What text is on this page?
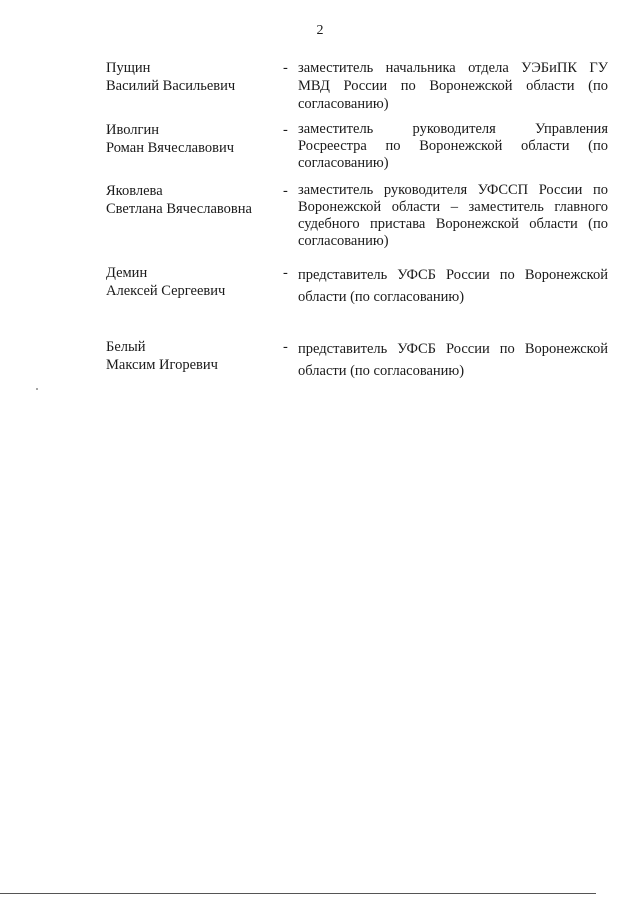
2
Пущин
Василий Васильевич
- заместитель начальника отдела УЭБиПК ГУ МВД России по Воронежской области (по согласованию)
Иволгин
Роман Вячеславович
- заместитель руководителя Управления Росреестра по Воронежской области (по согласованию)
Яковлева
Светлана Вячеславовна
- заместитель руководителя УФССП России по Воронежской области – заместитель главного судебного пристава Воронежской области (по согласованию)
Демин
Алексей Сергеевич
- представитель УФСБ России по Воронежской области (по согласованию)
Белый
Максим Игоревич
- представитель УФСБ России по Воронежской области (по согласованию)
